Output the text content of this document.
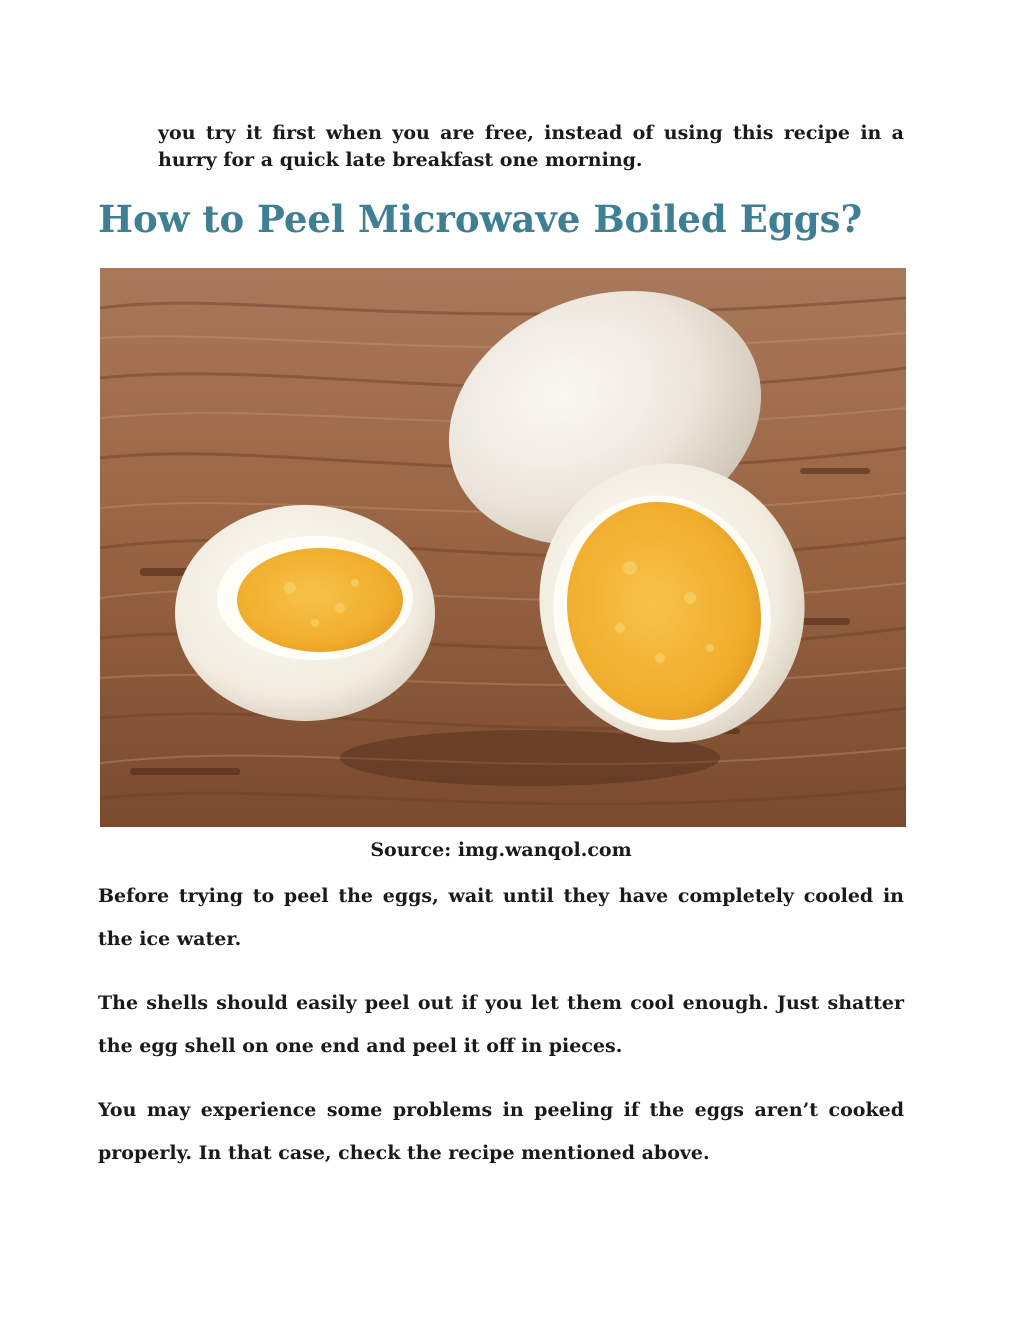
you try it first when you are free, instead of using this recipe in a hurry for a quick late breakfast one morning.

How to Peel Microwave Boiled Eggs?

Source: img.wanqol.com

Before trying to peel the eggs, wait until they have completely cooled in the ice water.

The shells should easily peel out if you let them cool enough. Just shatter the egg shell on one end and peel it off in pieces.

You may experience some problems in peeling if the eggs aren’t cooked properly. In that case, check the recipe mentioned above.
